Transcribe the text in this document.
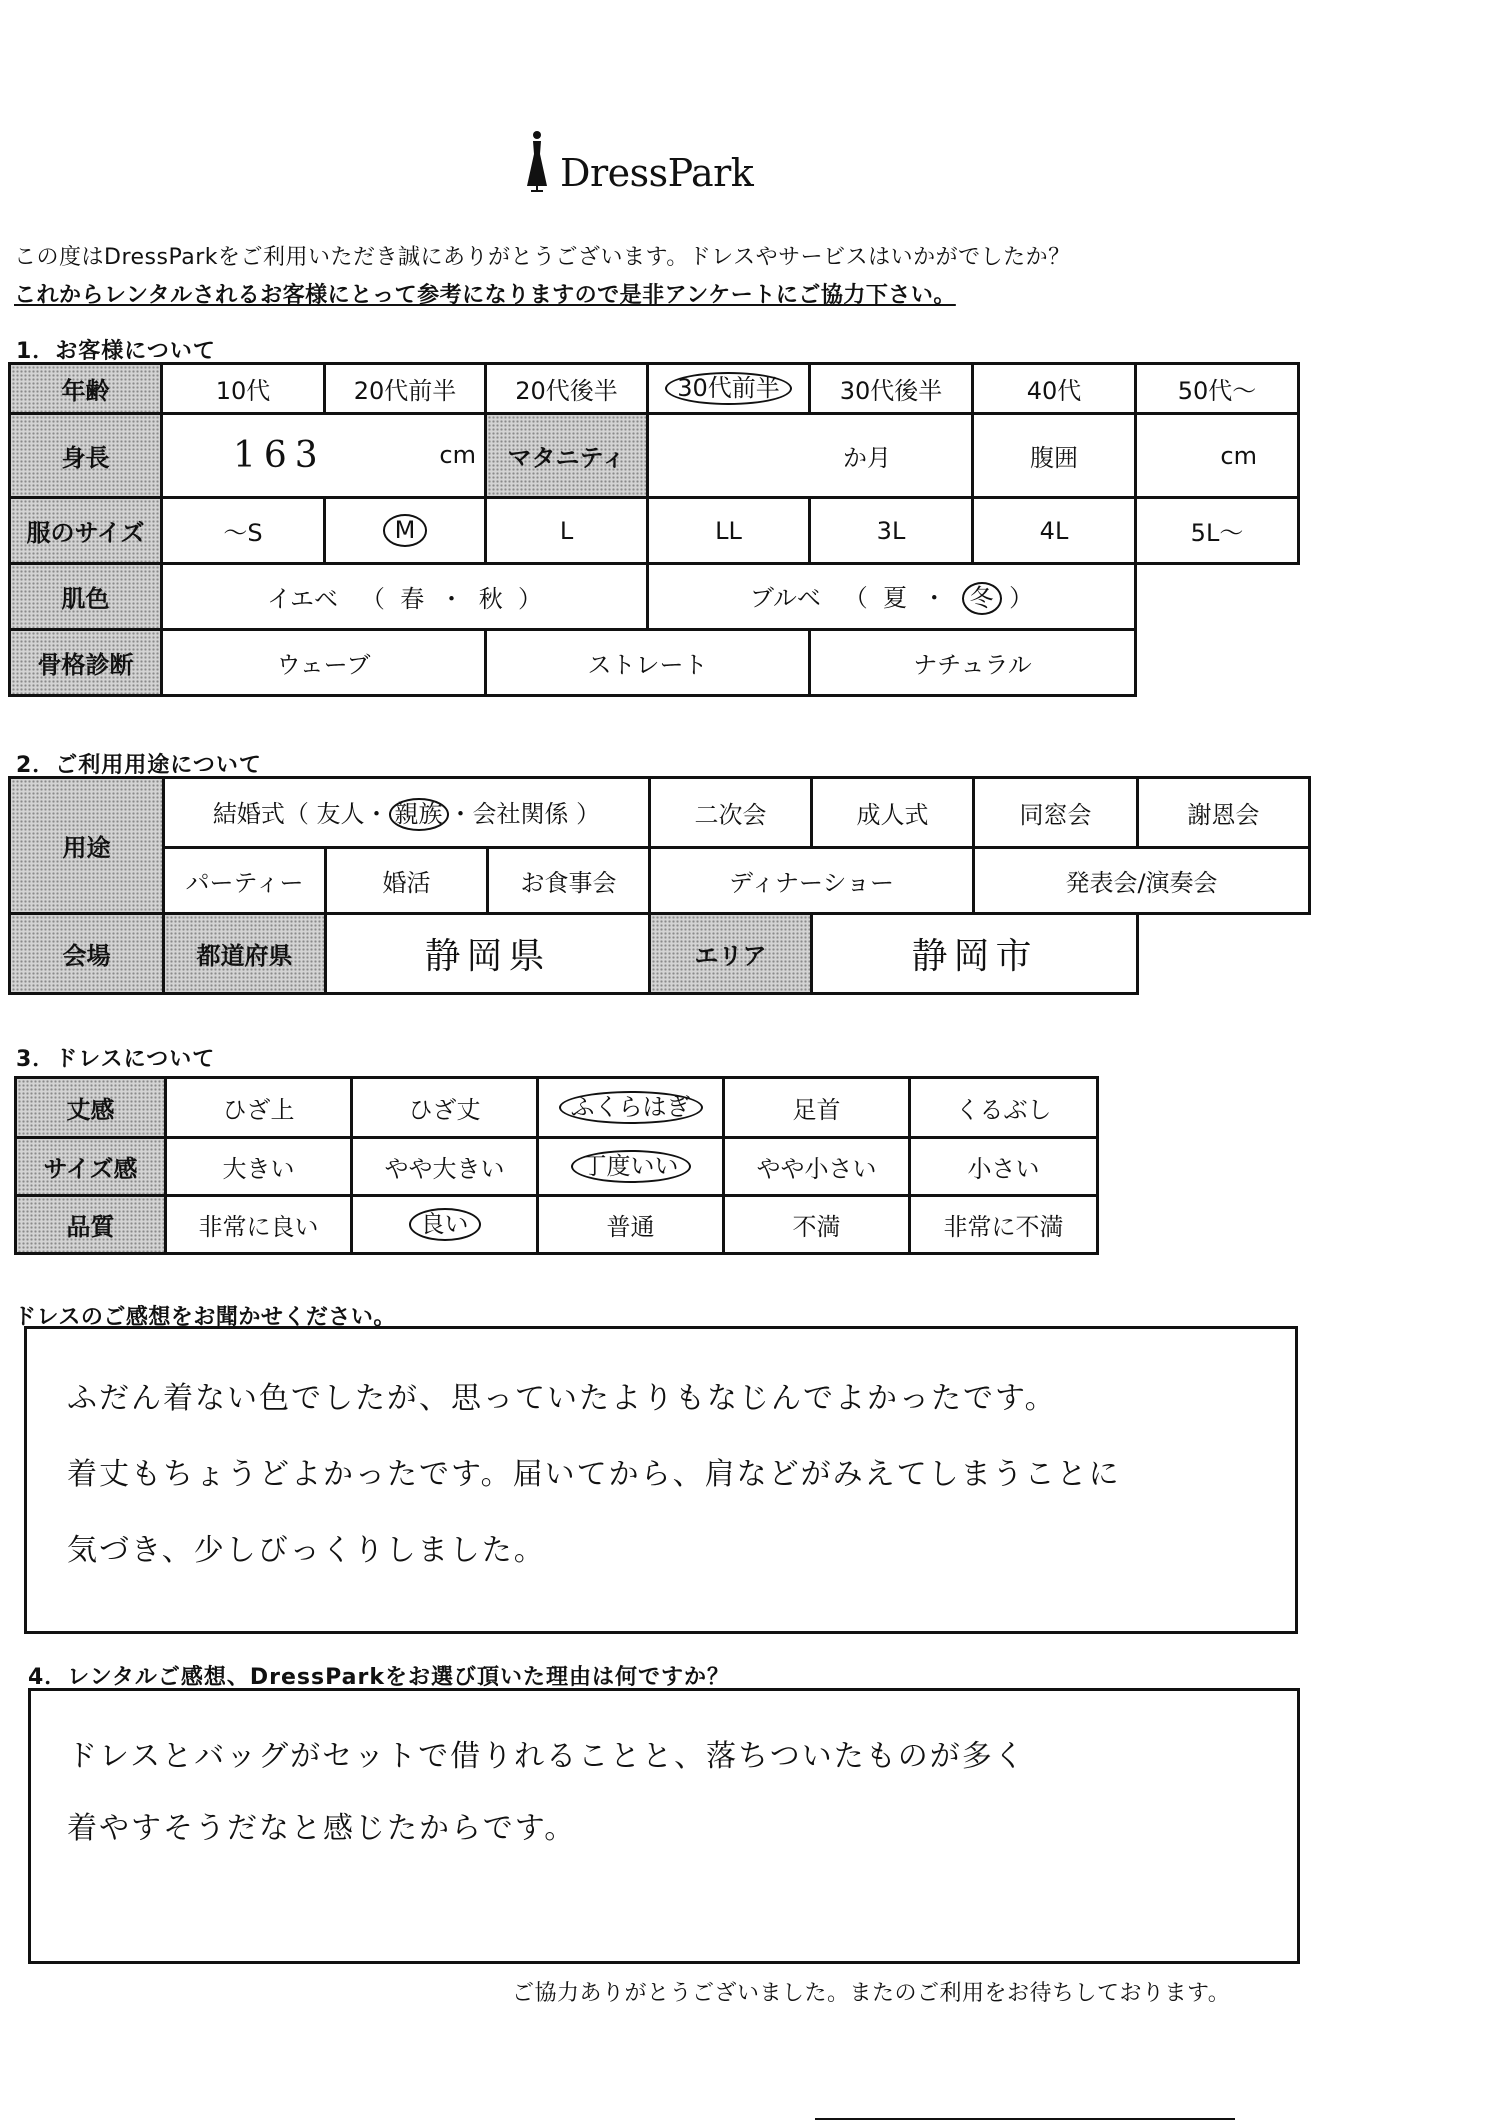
DressPark
この度はDressParkをご利用いただき誠にありがとうございます。ドレスやサービスはいかがでしたか？
これからレンタルされるお客様にとって参考になりますので是非アンケートにご協力下さい。
1．お客様について
年齢	10代	20代前半	20代後半	30代前半	30代後半	40代	50代～
身長	163 cm		マタニティ	か月		腹囲	cm
服のサイズ	～S	M	L	LL	3L	4L	5L～
肌色	イエベ   （  春  ・  秋  ）			ブルベ   （  夏  ・  冬 ）			
骨格診断	ウェーブ		ストレート		ナチュラル		
2．ご利用用途について
用途	結婚式（ 友人・ 親族 ・会社関係 ）			二次会	成人式	同窓会	謝恩会
	パーティー	婚活	お食事会	ディナーショー		発表会/演奏会	
会場	都道府県	静岡県		エリア	静岡市		
3．ドレスについて
丈感	ひざ上	ひざ丈	ふくらはぎ	足首	くるぶし
サイズ感	大きい	やや大きい	丁度いい	やや小さい	小さい
品質	非常に良い	良い	普通	不満	非常に不満
ドレスのご感想をお聞かせください。
ふだん着ない色でしたが、思っていたよりもなじんでよかったです。
着丈もちょうどよかったです。届いてから、肩などがみえてしまうことに
気づき、少しびっくりしました。
4．レンタルご感想、DressParkをお選び頂いた理由は何ですか？
ドレスとバッグがセットで借りれることと、落ちついたものが多く
着やすそうだなと感じたからです。
ご協力ありがとうございました。またのご利用をお待ちしております。
